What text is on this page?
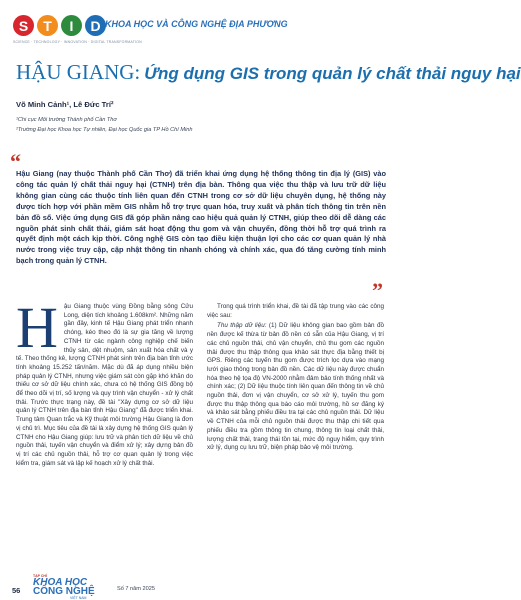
S	T	I	D
SCIENCE · TECHNOLOGY · INNOVATION · DIGITAL TRANSFORMATION
KHOA HỌC VÀ CÔNG NGHỆ ĐỊA PHƯƠNG
HẬU GIANG: Ứng dụng GIS trong quản lý chất thải nguy hại
Võ Minh Cảnh¹, Lê Đức Trí²
¹Chi cục Môi trường Thành phố Cần Thơ
²Trường Đại học Khoa học Tự nhiên, Đại học Quốc gia TP Hồ Chí Minh
“
Hậu Giang (nay thuộc Thành phố Cần Thơ) đã triển khai ứng dụng hệ thống thông tin địa lý (GIS) vào công tác quản lý chất thải nguy hại (CTNH) trên địa bàn. Thông qua việc thu thập và lưu trữ dữ liệu không gian cùng các thuộc tính liên quan đến CTNH trong cơ sở dữ liệu chuyên dụng, hệ thống này được tích hợp với phần mềm GIS nhằm hỗ trợ trực quan hóa, truy xuất và phân tích thông tin trên nền bản đồ số. Việc ứng dụng GIS đã góp phần nâng cao hiệu quả quản lý CTNH, giúp theo dõi dễ dàng các nguồn phát sinh chất thải, giám sát hoạt động thu gom và vận chuyển, đồng thời hỗ trợ quá trình ra quyết định một cách kịp thời. Công nghệ GIS còn tạo điều kiện thuận lợi cho các cơ quan quản lý nhà nước trong việc truy cập, cập nhật thông tin nhanh chóng và chính xác, qua đó tăng cường tính minh bạch trong quản lý CTNH.
”

Hậu Giang thuộc vùng Đồng bằng sông Cửu Long, diện tích khoảng 1.608km². Những năm gần đây, kinh tế Hậu Giang phát triển nhanh chóng, kéo theo đó là sự gia tăng về lượng CTNH từ các ngành công nghiệp chế biến thủy sản, dệt nhuộm, sản xuất hóa chất và y tế. Theo thống kê, lượng CTNH phát sinh trên địa bàn tỉnh ước tính khoảng 15.252 tấn/năm. Mặc dù đã áp dụng nhiều biện pháp quản lý CTNH, nhưng việc giám sát còn gặp khó khăn do thiếu cơ sở dữ liệu chính xác, chưa có hệ thống GIS đồng bộ để theo dõi vị trí, số lượng và quy trình vận chuyển - xử lý chất thải. Trước thực trạng này, đề tài "Xây dựng cơ sở dữ liệu quản lý CTNH trên địa bàn tỉnh Hậu Giang" đã được triển khai. Trung tâm Quan trắc và Kỹ thuật môi trường Hậu Giang là đơn vị chủ trì. Mục tiêu của đề tài là xây dựng hệ thống GIS quản lý CTNH cho Hậu Giang giúp: lưu trữ và phân tích dữ liệu về chủ nguồn thải, tuyến vận chuyển và điểm xử lý; xây dựng bản đồ vị trí các chủ nguồn thải, hỗ trợ cơ quan quản lý trong việc kiểm tra, giám sát và lập kế hoạch xử lý chất thải.

Trong quá trình triển khai, đề tài đã tập trung vào các công việc sau:

Thu thập dữ liệu: (1) Dữ liệu không gian bao gồm bản đồ nền được kế thừa từ bản đồ nền có sẵn của Hậu Giang, vị trí các chủ nguồn thải, chủ vận chuyển, chủ thu gom các nguồn thải được thu thập thông qua khảo sát thực địa bằng thiết bị GPS. Riêng các tuyến thu gom được trích lọc dựa vào mạng lưới giao thông trong bản đồ nền. Các dữ liệu này được chuẩn hóa theo hệ tọa độ VN-2000 nhằm đảm bảo tính thống nhất và chính xác; (2) Dữ liệu thuộc tính liên quan đến thông tin về chủ nguồn thải, đơn vị vận chuyển, cơ sở xử lý, tuyến thu gom được thu thập thông qua báo cáo môi trường, hồ sơ đăng ký và khảo sát bằng phiếu điều tra tại các chủ nguồn thải. Dữ liệu về CTNH của mỗi chủ nguồn thải được thu thập chi tiết qua phiếu điều tra gồm thông tin chung, thông tin loại chất thải, lượng chất thải, trang thái tồn tại, mức độ nguy hiểm, quy trình xử lý, dụng cụ lưu trữ, biện pháp bảo vệ môi trường.

56
TẠP CHÍ
KHOA HỌC
CÔNG NGHỆ
VIỆT NAM
Số 7 năm 2025
